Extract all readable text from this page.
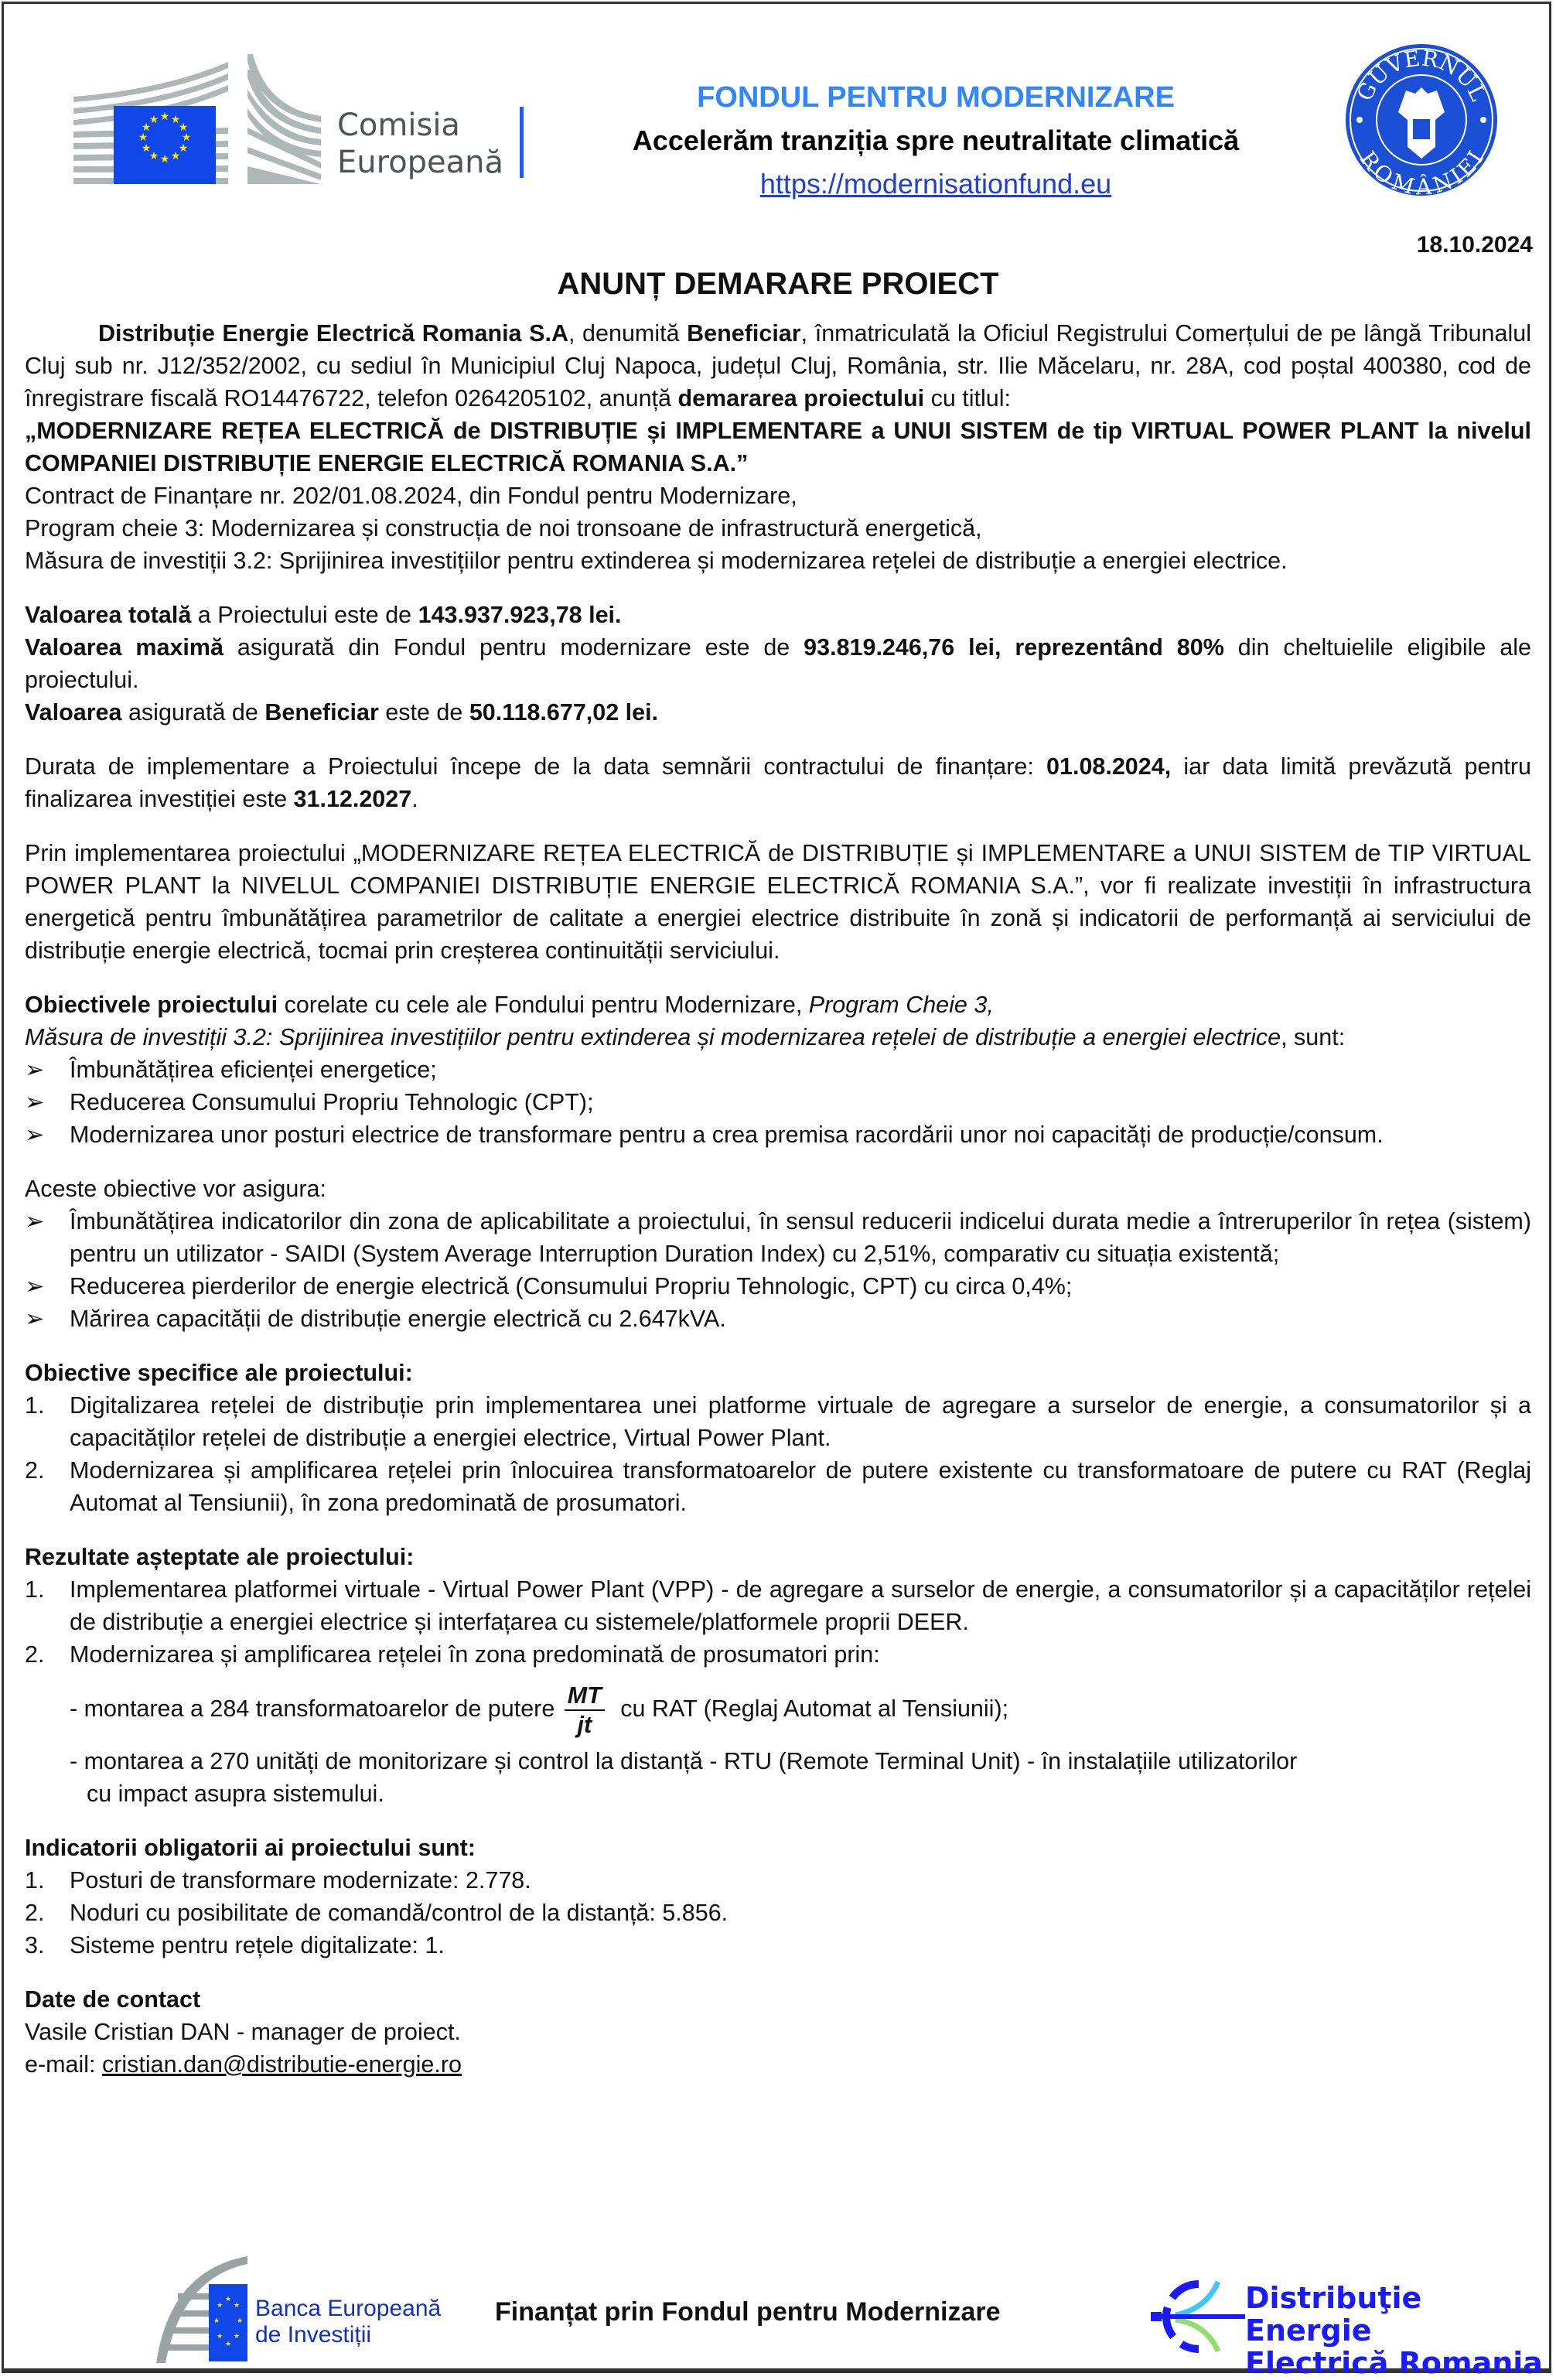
★ ★
★
★
★
★
★
★
★
★
★
★	Comisia
Europeană
FONDUL PENTRU MODERNIZARE
Accelerăm tranziția spre neutralitate climatică
https://modernisationfund.eu
GUVERNUL
ROMÂNIEI
18.10.2024
ANUNȚ DEMARARE PROIECT

Distribuție Energie Electrică Romania S.A, denumită Beneficiar, înmatriculată la Oficiul Registrului Comerțului de pe lângă Tribunalul Cluj sub nr. J12/352/2002, cu sediul în Municipiul Cluj Napoca, județul Cluj, România, str. Ilie Măcelaru, nr. 28A, cod poștal 400380, cod de înregistrare fiscală RO14476722, telefon 0264205102, anunță demararea proiectului cu titlul:

„MODERNIZARE REȚEA ELECTRICĂ de DISTRIBUȚIE și IMPLEMENTARE a UNUI SISTEM de tip VIRTUAL POWER PLANT la nivelul COMPANIEI DISTRIBUȚIE ENERGIE ELECTRICĂ ROMANIA S.A.”

Contract de Finanțare nr. 202/01.08.2024, din Fondul pentru Modernizare,

Program cheie 3: Modernizarea și construcția de noi tronsoane de infrastructură energetică,

Măsura de investiții 3.2: Sprijinirea investițiilor pentru extinderea și modernizarea rețelei de distribuție a energiei electrice.

Valoarea totală a Proiectului este de 143.937.923,78 lei.

Valoarea maximă asigurată din Fondul pentru modernizare este de 93.819.246,76 lei, reprezentând 80% din cheltuielile eligibile ale proiectului.

Valoarea asigurată de Beneficiar este de 50.118.677,02 lei.

Durata de implementare a Proiectului începe de la data semnării contractului de finanțare: 01.08.2024, iar data limită prevăzută pentru finalizarea investiției este 31.12.2027.

Prin implementarea proiectului „MODERNIZARE REȚEA ELECTRICĂ de DISTRIBUȚIE și IMPLEMENTARE a UNUI SISTEM de TIP VIRTUAL POWER PLANT la NIVELUL COMPANIEI DISTRIBUȚIE ENERGIE ELECTRICĂ ROMANIA S.A.”, vor fi realizate investiții în infrastructura energetică pentru îmbunătățirea parametrilor de calitate a energiei electrice distribuite în zonă și indicatorii de performanță ai serviciului de distribuție energie electrică, tocmai prin creșterea continuității serviciului.

Obiectivele proiectului corelate cu cele ale Fondului pentru Modernizare, Program Cheie 3,
Măsura de investiții 3.2: Sprijinirea investițiilor pentru extinderea și modernizarea rețelei de distribuție a energiei electrice, sunt:

➢	Îmbunătățirea eficienței energetice;
➢	Reducerea Consumului Propriu Tehnologic (CPT);
➢	Modernizarea unor posturi electrice de transformare pentru a crea premisa racordării unor noi capacități de producție/consum.

Aceste obiective vor asigura:

➢	Îmbunătățirea indicatorilor din zona de aplicabilitate a proiectului, în sensul reducerii indicelui durata medie a întreruperilor în rețea (sistem) pentru un utilizator - SAIDI (System Average Interruption Duration Index) cu 2,51%, comparativ cu situația existentă;
➢	Reducerea pierderilor de energie electrică (Consumului Propriu Tehnologic, CPT) cu circa 0,4%;
➢	Mărirea capacității de distribuție energie electrică cu 2.647kVA.

Obiective specifice ale proiectului:

1.	Digitalizarea rețelei de distribuție prin implementarea unei platforme virtuale de agregare a surselor de energie, a consumatorilor și a capacităților rețelei de distribuție a energiei electrice, Virtual Power Plant.
2.	Modernizarea și amplificarea rețelei prin înlocuirea transformatoarelor de putere existente cu transformatoare de putere cu RAT (Reglaj Automat al Tensiunii), în zona predominată de prosumatori.

Rezultate așteptate ale proiectului:

1.	Implementarea platformei virtuale - Virtual Power Plant (VPP) - de agregare a surselor de energie, a consumatorilor și a capacităților rețelei de distribuție a energiei electrice și interfațarea cu sistemele/platformele proprii DEER.
2.	Modernizarea și amplificarea rețelei în zona predominată de prosumatori prin:

- montarea a 284 transformatoarelor de putere $\frac{MT}{jt}$ cu RAT (Reglaj Automat al Tensiunii);

- montarea a 270 unități de monitorizare și control la distanță - RTU (Remote Terminal Unit) - în instalațiile utilizatorilor
cu impact asupra sistemului.

Indicatorii obligatorii ai proiectului sunt:

1.	Posturi de transformare modernizate: 2.778.
2.	Noduri cu posibilitate de comandă/control de la distanță: 5.856.
3.	Sisteme pentru rețele digitalizate: 1.

Date de contact

Vasile Cristian DAN - manager de proiect.

e-mail: cristian.dan@distributie-energie.ro

★
★
★
★
★
★
★
★ Banca Europeană
de Investiții
Finanțat prin Fondul pentru Modernizare	Distribuţie Energie
Electrică Romania
